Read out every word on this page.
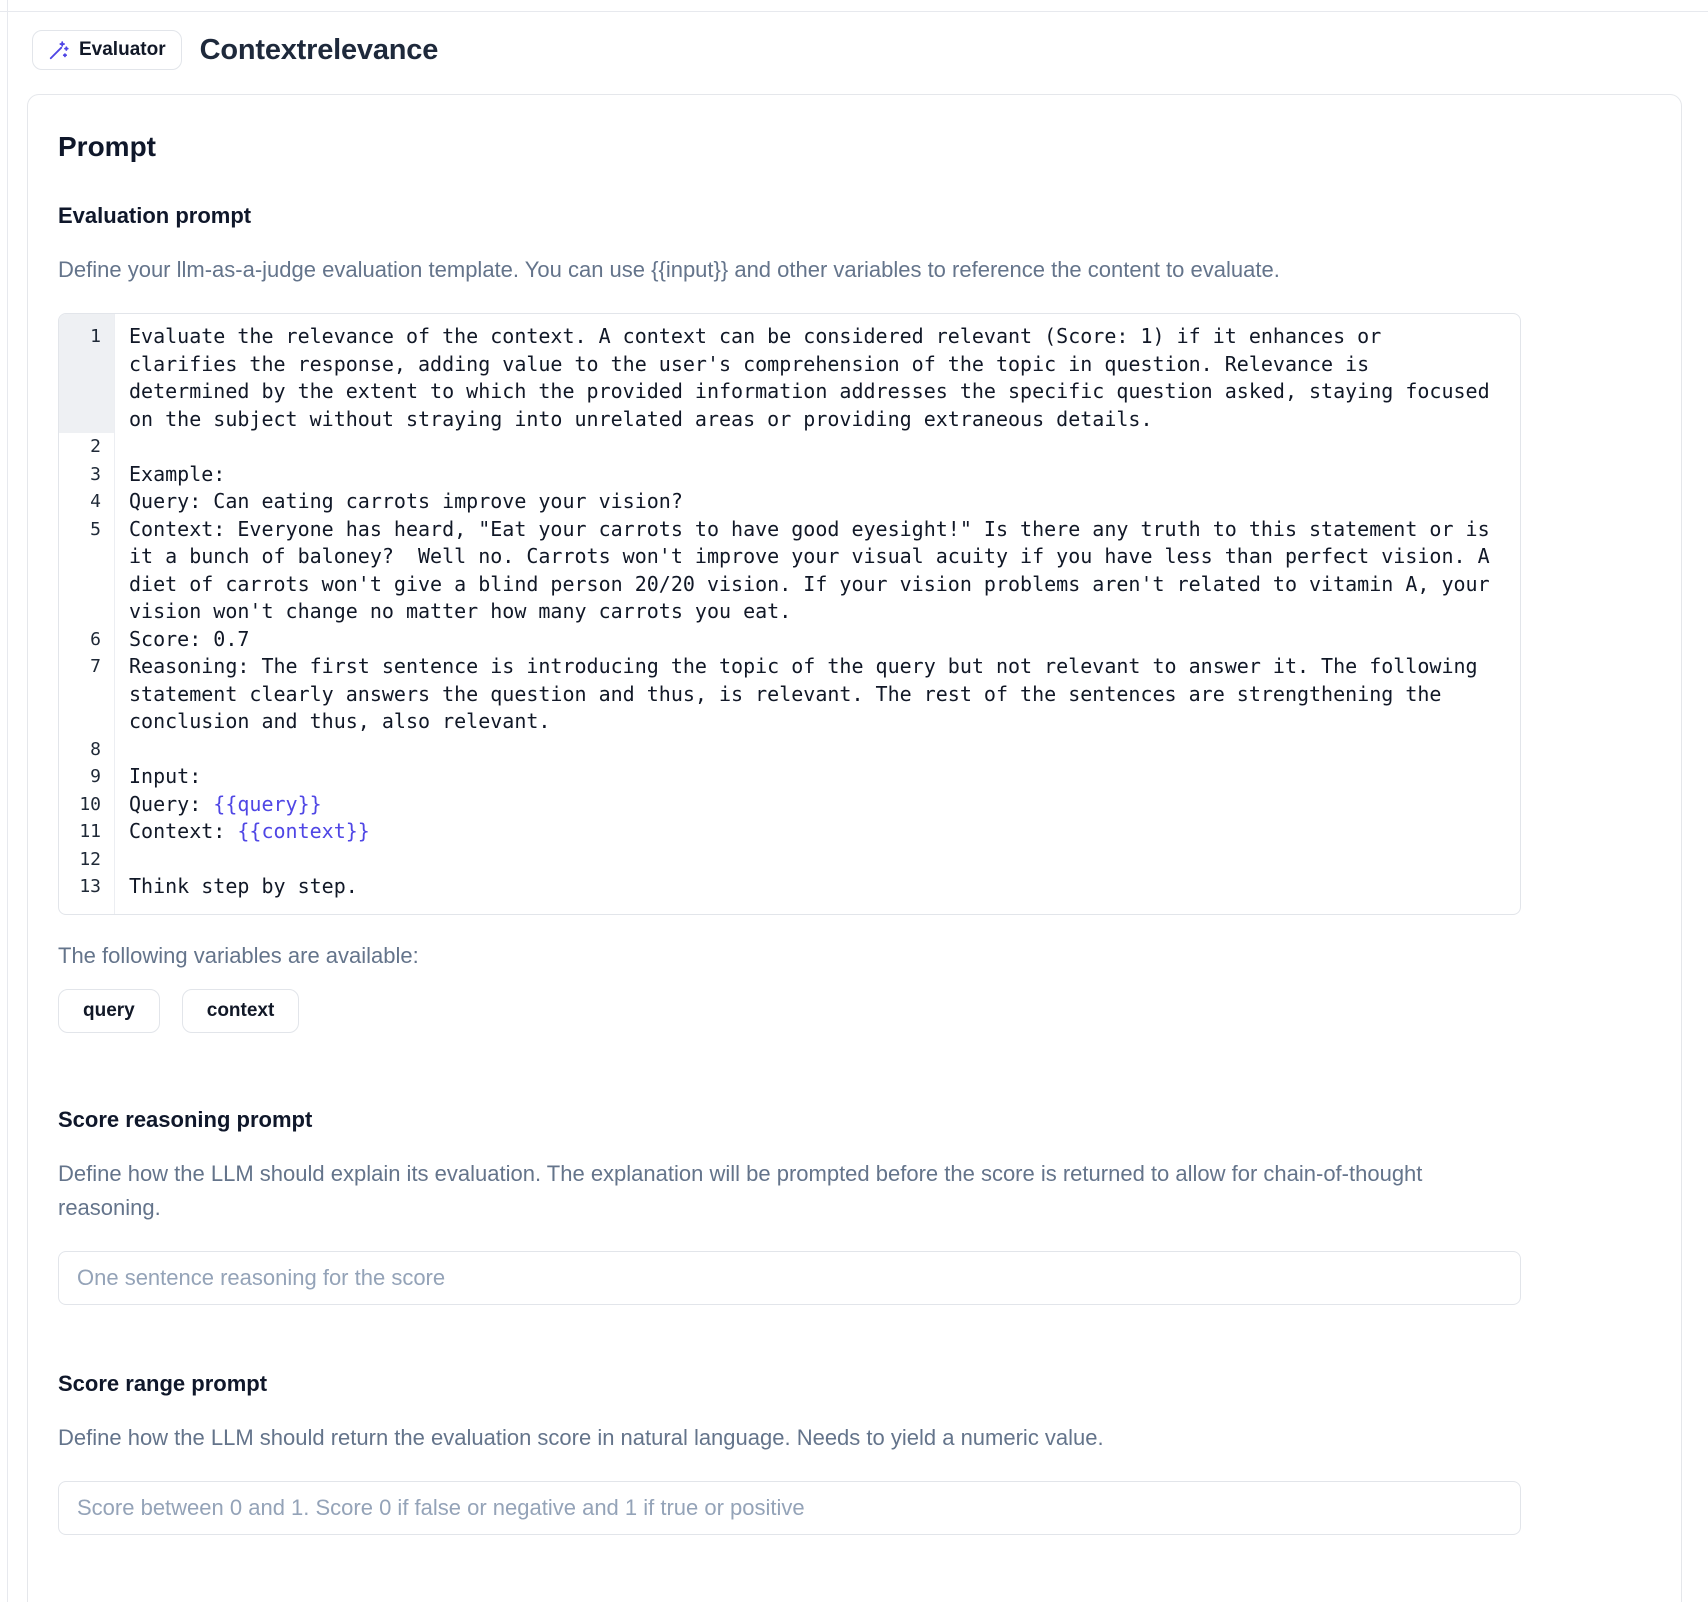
Evaluator Contextrelevance
Prompt
Evaluation prompt

Define your llm-as-a-judge evaluation template. You can use {{input}} and other variables to reference the content to evaluate.

1	Evaluate the relevance of the context. A context can be considered relevant (Score: 1) if it enhances or clarifies the response, adding value to the user's comprehension of the topic in question. Relevance is determined by the extent to which the provided information addresses the specific question asked, staying focused on the subject without straying into unrelated areas or providing extraneous details.
2

3	Example:
4	Query: Can eating carrots improve your vision?
5	Context: Everyone has heard, "Eat your carrots to have good eyesight!" Is there any truth to this statement or is it a bunch of baloney?  Well no. Carrots won't improve your visual acuity if you have less than perfect vision. A diet of carrots won't give a blind person 20/20 vision. If your vision problems aren't related to vitamin A, your vision won't change no matter how many carrots you eat.
6	Score: 0.7
7	Reasoning: The first sentence is introducing the topic of the query but not relevant to answer it. The following statement clearly answers the question and thus, is relevant. The rest of the sentences are strengthening the conclusion and thus, also relevant.
8

9	Input:
10	Query: {{query}}
11	Context: {{context}}
12

13	Think step by step.

The following variables are available:

query	context
Score reasoning prompt

Define how the LLM should explain its evaluation. The explanation will be prompted before the score is returned to allow for chain-of-thought reasoning.

One sentence reasoning for the score
Score range prompt

Define how the LLM should return the evaluation score in natural language. Needs to yield a numeric value.

Score between 0 and 1. Score 0 if false or negative and 1 if true or positive
